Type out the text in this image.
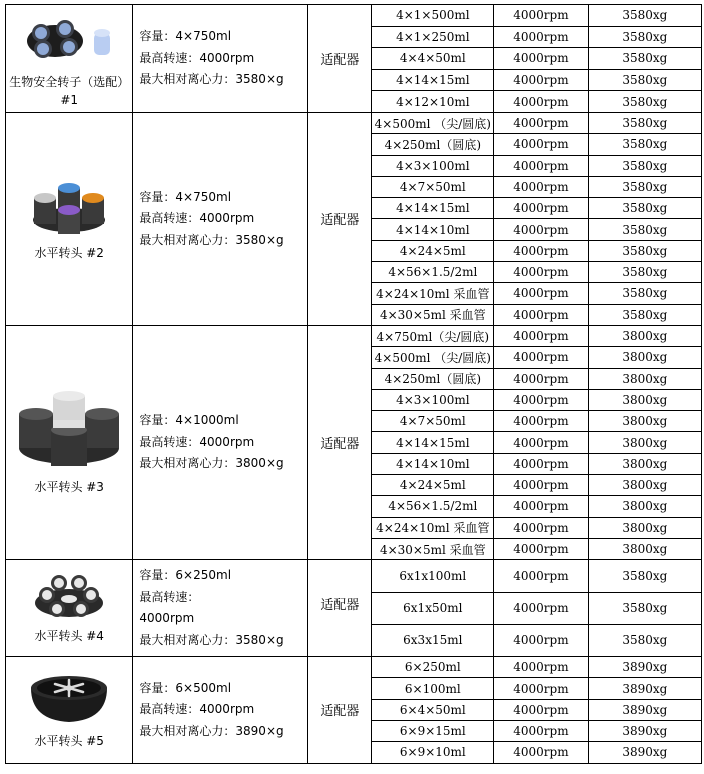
生物安全转子（选配）#1	容量：4×750ml
最高转速：4000rpm
最大相对离心力：3580×g	适配器	4×1×500ml	4000rpm	3580xg
			4×1×250ml	4000rpm	3580xg
			4×4×50ml	4000rpm	3580xg
			4×14×15ml	4000rpm	3580xg
			4×12×10ml	4000rpm	3580xg

水平转头 #2	容量：4×750ml
最高转速：4000rpm
最大相对离心力：3580×g	适配器	4×500ml （尖/圆底)	4000rpm	3580xg
			4×250ml（圆底)	4000rpm	3580xg
			4×3×100ml	4000rpm	3580xg
			4×7×50ml	4000rpm	3580xg
			4×14×15ml	4000rpm	3580xg
			4×14×10ml	4000rpm	3580xg
			4×24×5ml	4000rpm	3580xg
			4×56×1.5/2ml	4000rpm	3580xg
			4×24×10ml 采血管	4000rpm	3580xg
			4×30×5ml 采血管	4000rpm	3580xg

水平转头 #3	容量：4×1000ml
最高转速：4000rpm
最大相对离心力：3800×g	适配器	4×750ml（尖/圆底)	4000rpm	3800xg
			4×500ml （尖/圆底)	4000rpm	3800xg
			4×250ml（圆底)	4000rpm	3800xg
			4×3×100ml	4000rpm	3800xg
			4×7×50ml	4000rpm	3800xg
			4×14×15ml	4000rpm	3800xg
			4×14×10ml	4000rpm	3800xg
			4×24×5ml	4000rpm	3800xg
			4×56×1.5/2ml	4000rpm	3800xg
			4×24×10ml 采血管	4000rpm	3800xg
			4×30×5ml 采血管	4000rpm	3800xg

水平转头 #4	容量：6×250ml
最高转速：
4000rpm
最大相对离心力：3580×g	适配器	6x1x100ml	4000rpm	3580xg
			6x1x50ml	4000rpm	3580xg
			6x3x15ml	4000rpm	3580xg

水平转头 #5	容量：6×500ml
最高转速：4000rpm
最大相对离心力：3890×g	适配器	6×250ml	4000rpm	3890xg
			6×100ml	4000rpm	3890xg
			6×4×50ml	4000rpm	3890xg
			6×9×15ml	4000rpm	3890xg
			6×9×10ml	4000rpm	3890xg
